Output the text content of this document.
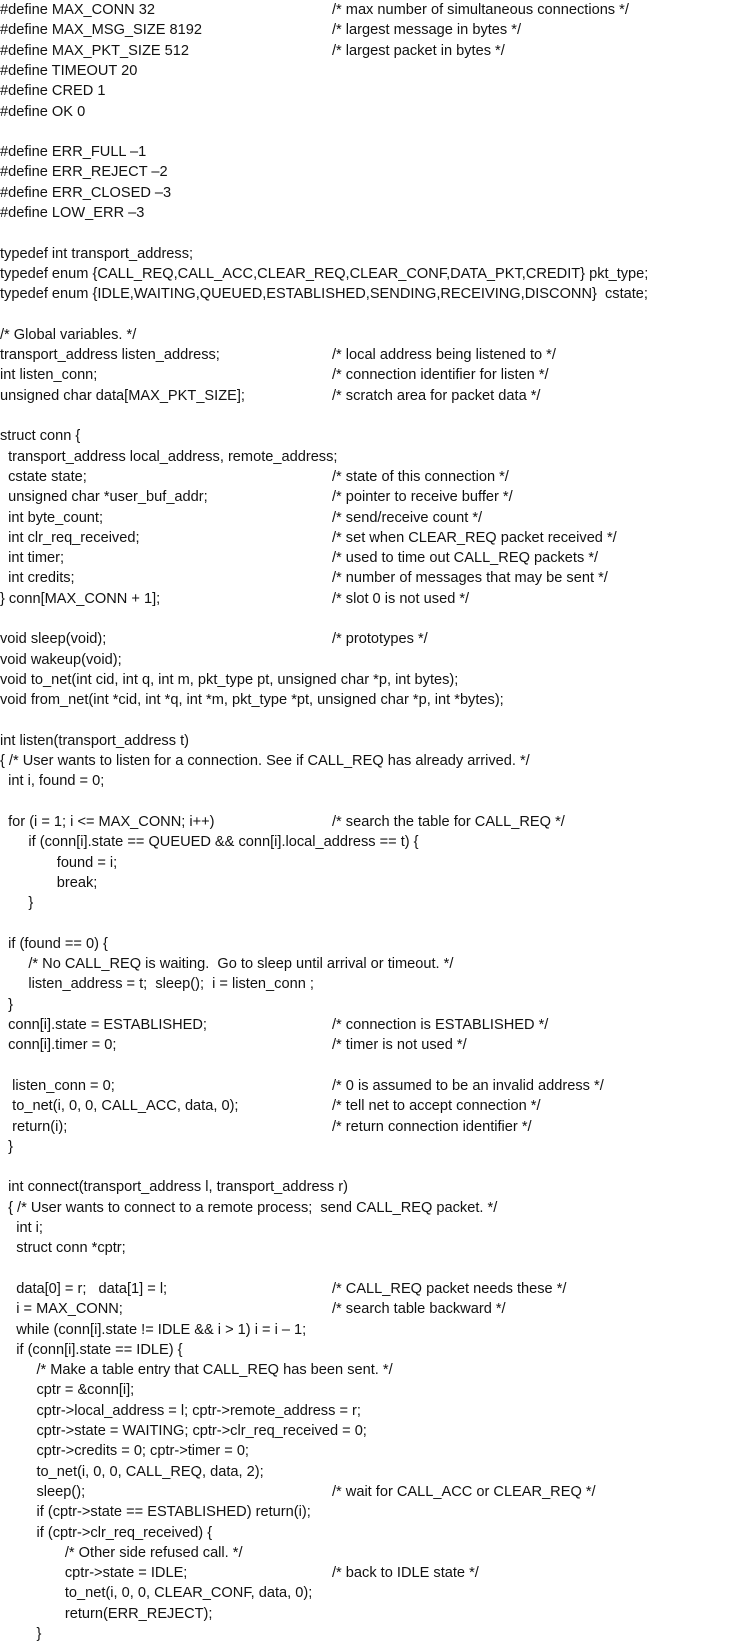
#define MAX_CONN 32	/* max number of simultaneous connections */
#define MAX_MSG_SIZE 8192	/* largest message in bytes */
#define MAX_PKT_SIZE 512	/* largest packet in bytes */
#define TIMEOUT 20
#define CRED 1
#define OK 0
#define ERR_FULL –1
#define ERR_REJECT –2
#define ERR_CLOSED –3
#define LOW_ERR –3
typedef int transport_address;
typedef enum {CALL_REQ,CALL_ACC,CLEAR_REQ,CLEAR_CONF,DATA_PKT,CREDIT} pkt_type;
typedef enum {IDLE,WAITING,QUEUED,ESTABLISHED,SENDING,RECEIVING,DISCONN}  cstate;
/* Global variables. */
transport_address listen_address;	/* local address being listened to */
int listen_conn;	/* connection identifier for listen */
unsigned char data[MAX_PKT_SIZE];	/* scratch area for packet data */
struct conn {
transport_address local_address, remote_address;
cstate state;	/* state of this connection */
unsigned char *user_buf_addr;	/* pointer to receive buffer */
int byte_count;	/* send/receive count */
int clr_req_received;	/* set when CLEAR_REQ packet received */
int timer;	/* used to time out CALL_REQ packets */
int credits;	/* number of messages that may be sent */
} conn[MAX_CONN + 1];	/* slot 0 is not used */
void sleep(void);	/* prototypes */
void wakeup(void);
void to_net(int cid, int q, int m, pkt_type pt, unsigned char *p, int bytes);
void from_net(int *cid, int *q, int *m, pkt_type *pt, unsigned char *p, int *bytes);
int listen(transport_address t)
{ /* User wants to listen for a connection. See if CALL_REQ has already arrived. */
int i, found = 0;
for (i = 1; i <= MAX_CONN; i++)	/* search the table for CALL_REQ */
if (conn[i].state == QUEUED && conn[i].local_address == t) {
found = i;
break;
}
if (found == 0) {
/* No CALL_REQ is waiting.  Go to sleep until arrival or timeout. */
listen_address = t;  sleep();  i = listen_conn ;
}
conn[i].state = ESTABLISHED;	/* connection is ESTABLISHED */
conn[i].timer = 0;	/* timer is not used */
listen_conn = 0;	/* 0 is assumed to be an invalid address */
to_net(i, 0, 0, CALL_ACC, data, 0);	/* tell net to accept connection */
return(i);	/* return connection identifier */
}
int connect(transport_address l, transport_address r)
{ /* User wants to connect to a remote process;  send CALL_REQ packet. */
int i;
struct conn *cptr;
data[0] = r;   data[1] = l;	/* CALL_REQ packet needs these */
i = MAX_CONN;	/* search table backward */
while (conn[i].state != IDLE && i > 1) i = i – 1;
if (conn[i].state == IDLE) {
/* Make a table entry that CALL_REQ has been sent. */
cptr = &conn[i];
cptr->local_address = l; cptr->remote_address = r;
cptr->state = WAITING; cptr->clr_req_received = 0;
cptr->credits = 0; cptr->timer = 0;
to_net(i, 0, 0, CALL_REQ, data, 2);
sleep();	/* wait for CALL_ACC or CLEAR_REQ */
if (cptr->state == ESTABLISHED) return(i);
if (cptr->clr_req_received) {
/* Other side refused call. */
cptr->state = IDLE;	/* back to IDLE state */
to_net(i, 0, 0, CLEAR_CONF, data, 0);
return(ERR_REJECT);
}
